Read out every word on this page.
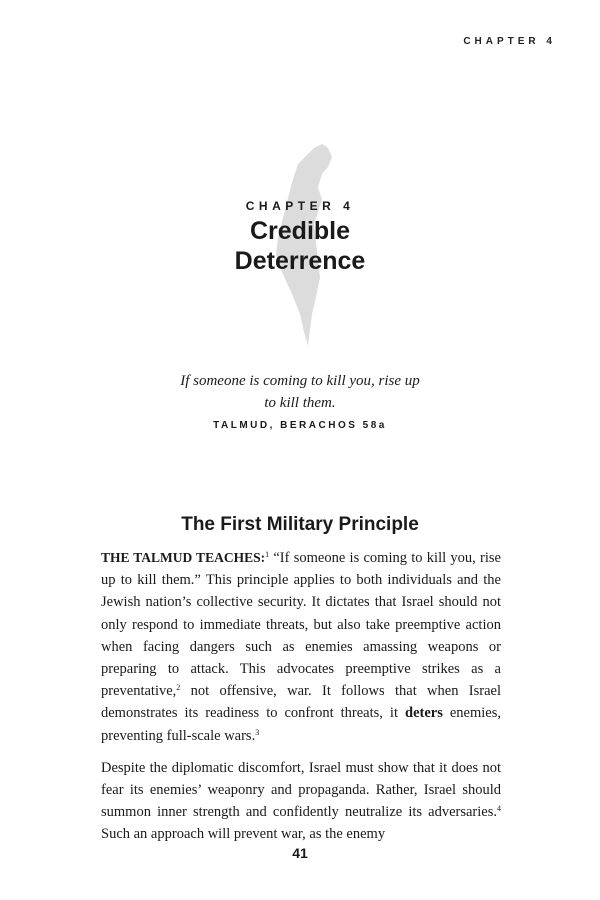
CHAPTER 4
CHAPTER 4
Credible
Deterrence
If someone is coming to kill you, rise up
to kill them.
TALMUD, BERACHOS 58a
The First Military Principle

THE TALMUD TEACHES:$^1$ “If someone is coming to kill you, rise up to kill them.” This principle applies to both individuals and the Jewish nation’s collective security. It dictates that Israel should not only respond to immediate threats, but also take preemptive action when facing dangers such as enemies amassing weapons or preparing to attack. This advocates preemptive strikes as a preventative,$^2$ not offensive, war. It follows that when Israel demonstrates its readiness to confront threats, it deters enemies, preventing full-scale wars.$^3$

Despite the diplomatic discomfort, Israel must show that it does not fear its enemies’ weaponry and propaganda. Rather, Israel should summon inner strength and confidently neutralize its adversaries.$^4$ Such an approach will prevent war, as the enemy

41
